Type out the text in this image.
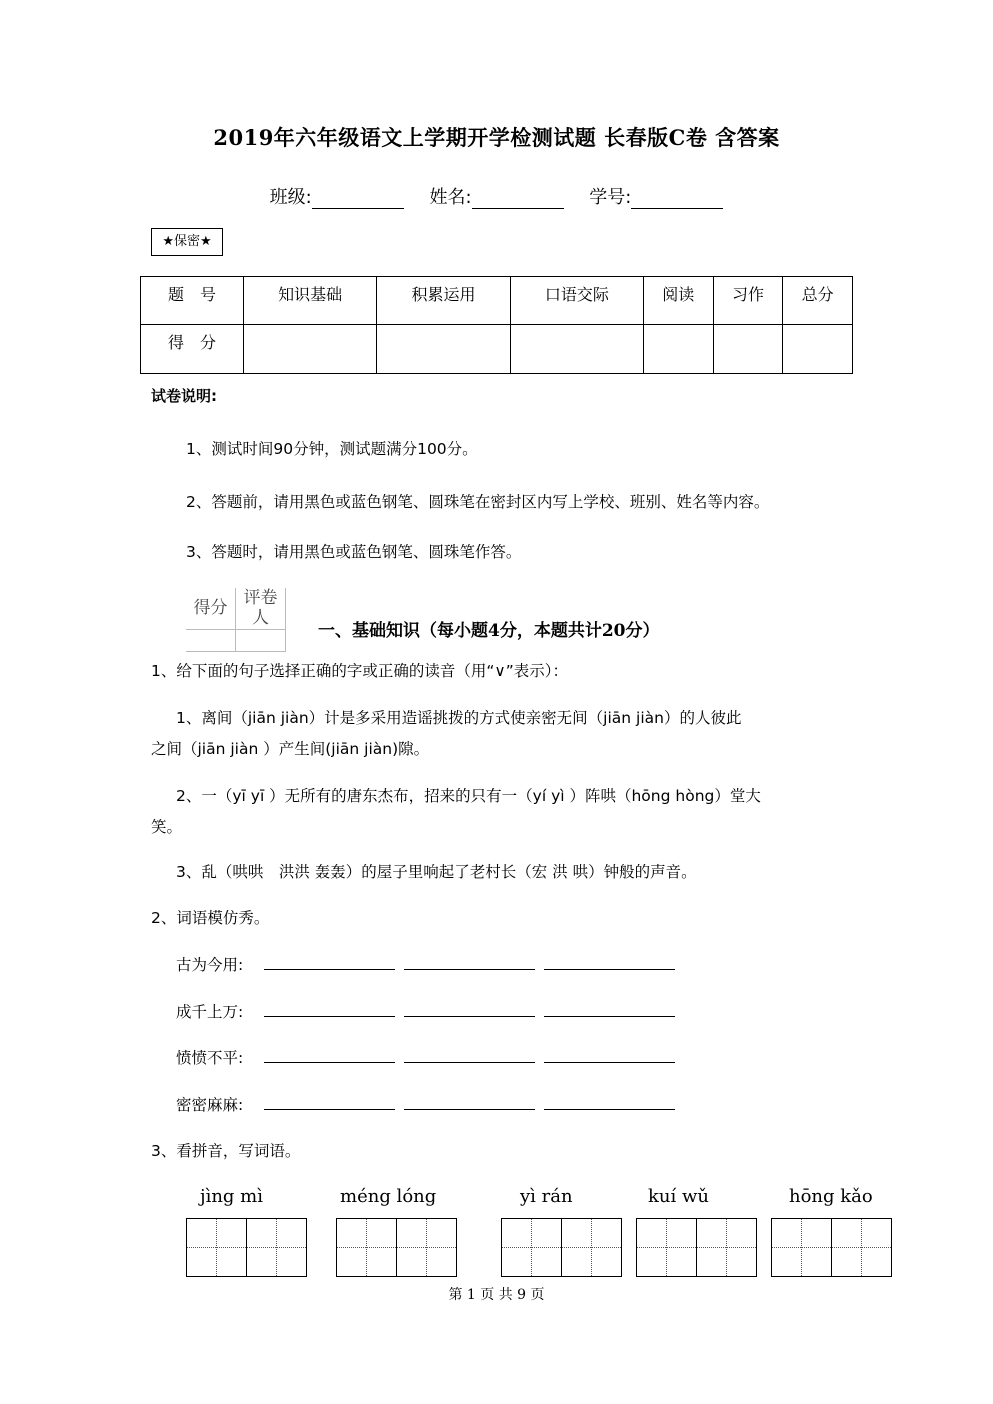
2019年六年级语文上学期开学检测试题 长春版C卷 含答案
班级:	姓名:	学号:
★保密★
题　号	知识基础	积累运用	口语交际	阅读	习作	总分
得　分						
试卷说明:
1、测试时间90分钟，测试题满分100分。
2、答题前，请用黑色或蓝色钢笔、圆珠笔在密封区内写上学校、班别、姓名等内容。
3、答题时，请用黑色或蓝色钢笔、圆珠笔作答。
得分	评卷人

一、基础知识（每小题4分，本题共计20分）
1、给下面的句子选择正确的字或正确的读音（用“∨”表示）：
1、离间（jiān jiàn）计是多采用造谣挑拨的方式使亲密无间（jiān jiàn）的人彼此
之间（jiān jiàn ）产生间(jiān jiàn)隙。
2、一（yī yī ）无所有的唐东杰布，招来的只有一（yí yì ）阵哄（hōng hòng）堂大
笑。
3、乱（哄哄　洪洪 轰轰）的屋子里响起了老村长（宏 洪 哄）钟般的声音。
2、词语模仿秀。
古为今用:
成千上万:
愤愤不平:
密密麻麻:
3、看拼音，写词语。
jìng mì	méng lóng	yì rán	kuí wǔ	hōng kǎo
第 1 页 共 9 页
